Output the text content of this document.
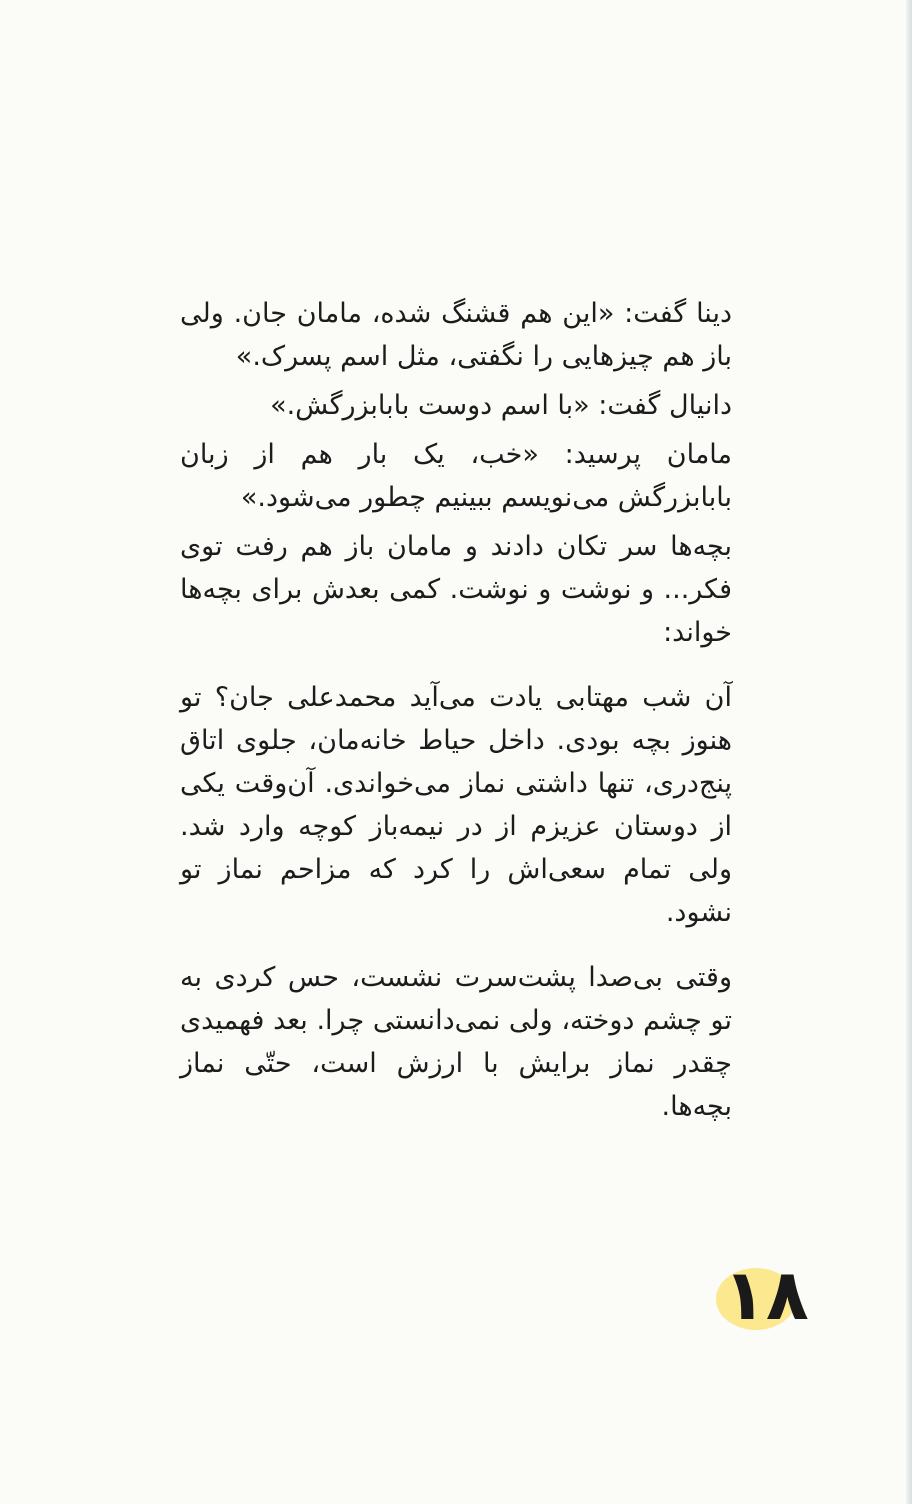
دینا گفت: «این هم قشنگ شده، مامان جان. ولی باز هم چیزهایی را نگفتی، مثل اسم پسرک.»

دانیال گفت: «با اسم دوست بابابزرگش.»

مامان پرسید: «خب، یک بار هم از زبان بابابزرگش می‌نویسم ببینیم چطور می‌شود.»

بچه‌ها سر تکان دادند و مامان باز هم رفت توی فکر... و نوشت و نوشت. کمی بعدش برای بچه‌ها خواند:

آن شب مهتابی یادت می‌آید محمدعلی جان؟ تو هنوز بچه بودی. داخل حیاط خانه‌مان، جلوی اتاق پنج‌دری، تنها داشتی نماز می‌خواندی. آن‌وقت یکی از دوستان عزیزم از در نیمه‌باز کوچه وارد شد. ولی تمام سعی‌اش را کرد که مزاحم نماز تو نشود.

وقتی بی‌صدا پشت‌سرت نشست، حس کردی به تو چشم دوخته، ولی نمی‌دانستی چرا. بعد فهمیدی چقدر نماز برایش با ارزش است، حتّی نماز بچه‌ها.

۱۸
